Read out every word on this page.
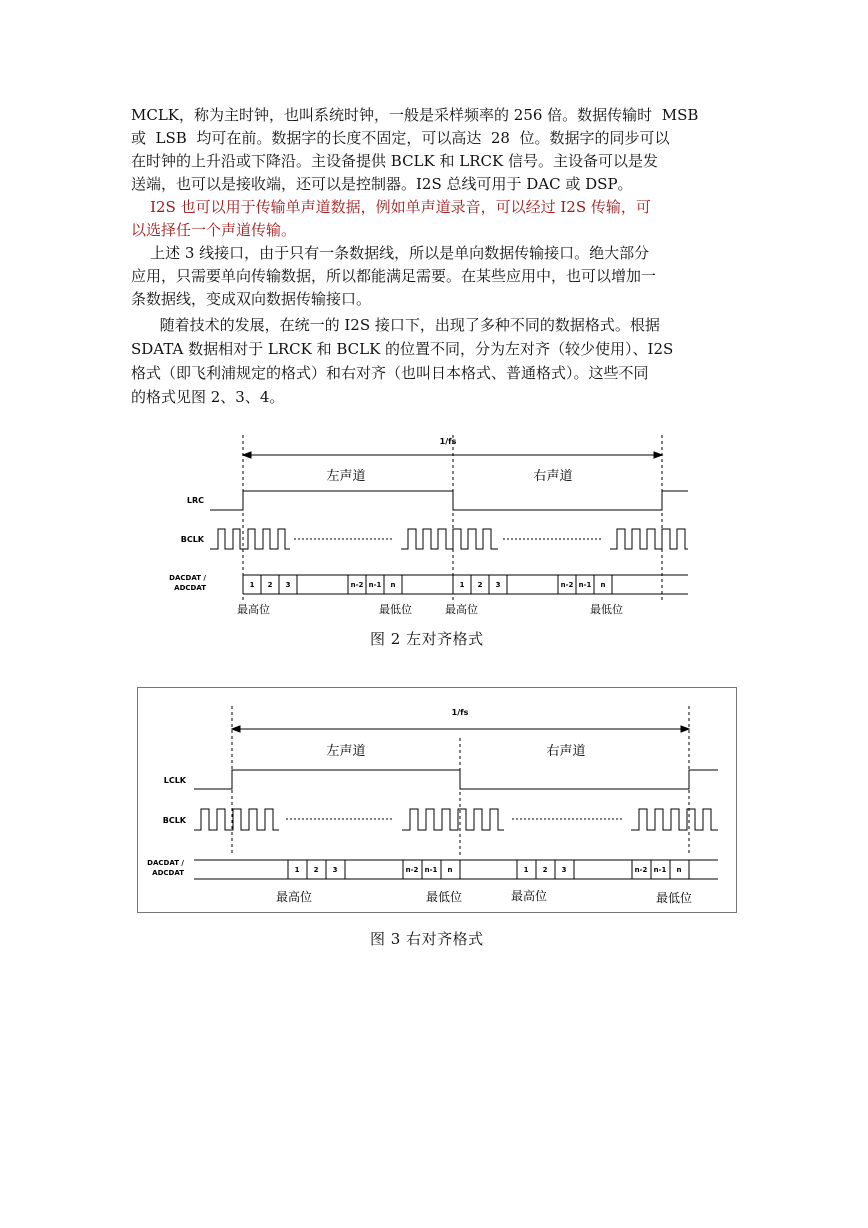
MCLK，称为主时钟，也叫系统时钟，一般是采样频率的 256 倍。数据传输时  MSB
或  LSB  均可在前。数据字的长度不固定，可以高达  28  位。数据字的同步可以
在时钟的上升沿或下降沿。主设备提供 BCLK 和 LRCK 信号。主设备可以是发
送端，也可以是接收端，还可以是控制器。I2S 总线可用于 DAC 或 DSP。
I2S 也可以用于传输单声道数据，例如单声道录音，可以经过 I2S 传输，可
以选择任一个声道传输。
上述 3 线接口，由于只有一条数据线，所以是单向数据传输接口。绝大部分
应用，只需要单向传输数据，所以都能满足需要。在某些应用中，也可以增加一
条数据线，变成双向数据传输接口。
随着技术的发展，在统一的 I2S 接口下，出现了多种不同的数据格式。根据
SDATA 数据相对于 LRCK 和 BCLK 的位置不同，分为左对齐（较少使用）、I2S
格式（即飞利浦规定的格式）和右对齐（也叫日本格式、普通格式）。这些不同
的格式见图 2、3、4。
1/fs
左声道	右声道
LRC
BCLK
DACDAT /
ADCDAT	1 2 3	n-2 n-1 n	1 2 3	n-2 n-1 n
最高位	最低位	最高位	最低位
图 2 左对齐格式
1/fs
左声道	右声道
LCLK
BCLK
DACDAT /
ADCDAT	1 2 3	n-2 n-1 n	1 2 3	n-2 n-1 n
最高位	最低位	最高位	最低位
图 3 右对齐格式
